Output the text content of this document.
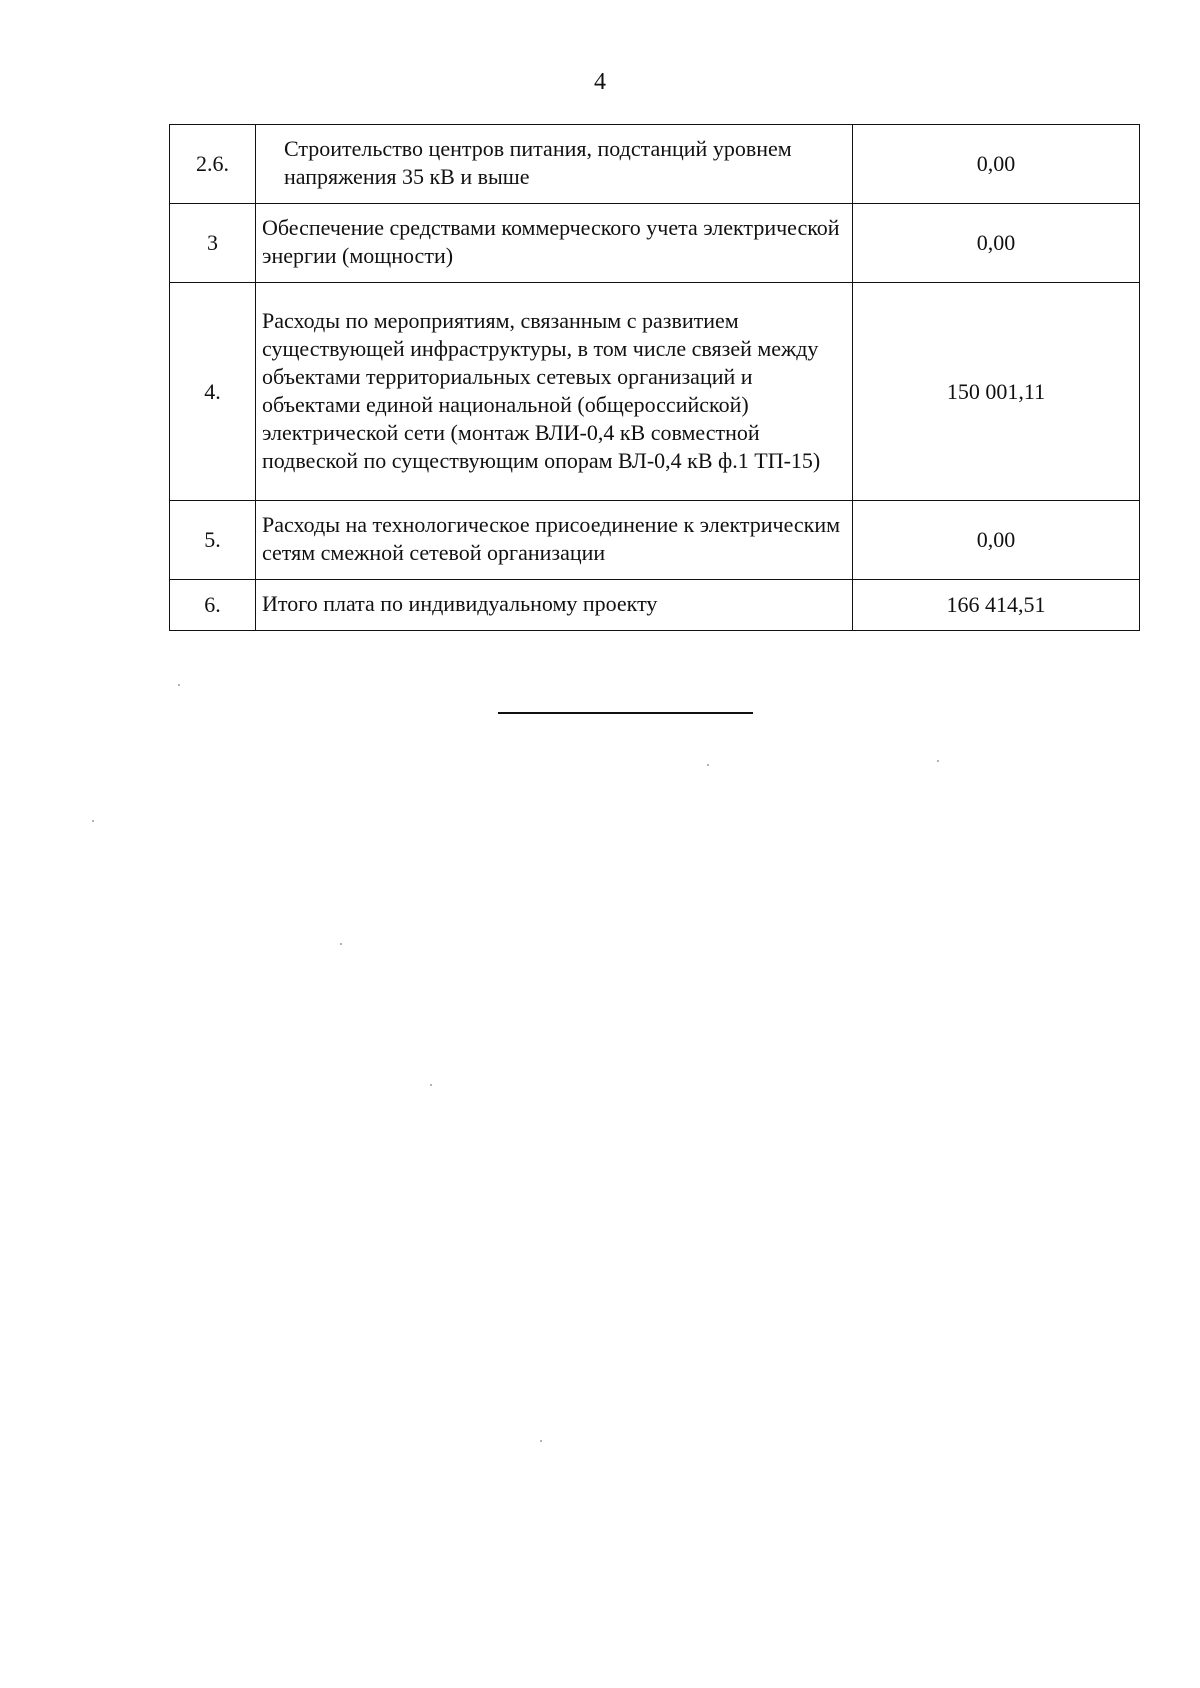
4
2.6.	Строительство центров питания, подстанций уровнем напряжения 35 кВ и выше	0,00
3	Обеспечение средствами коммерческого учета электрической энергии (мощности)	0,00
4.	Расходы по мероприятиям, связанным с развитием существующей инфраструктуры, в том числе связей между объектами территориальных сетевых организаций и объектами единой национальной (общероссийской) электрической сети (монтаж ВЛИ-0,4 кВ совместной подвеской по существующим опорам ВЛ-0,4 кВ ф.1 ТП-15)	150 001,11
5.	Расходы на технологическое присоединение к электрическим сетям смежной сетевой организации	0,00
6.	Итого плата по индивидуальному проекту	166 414,51
